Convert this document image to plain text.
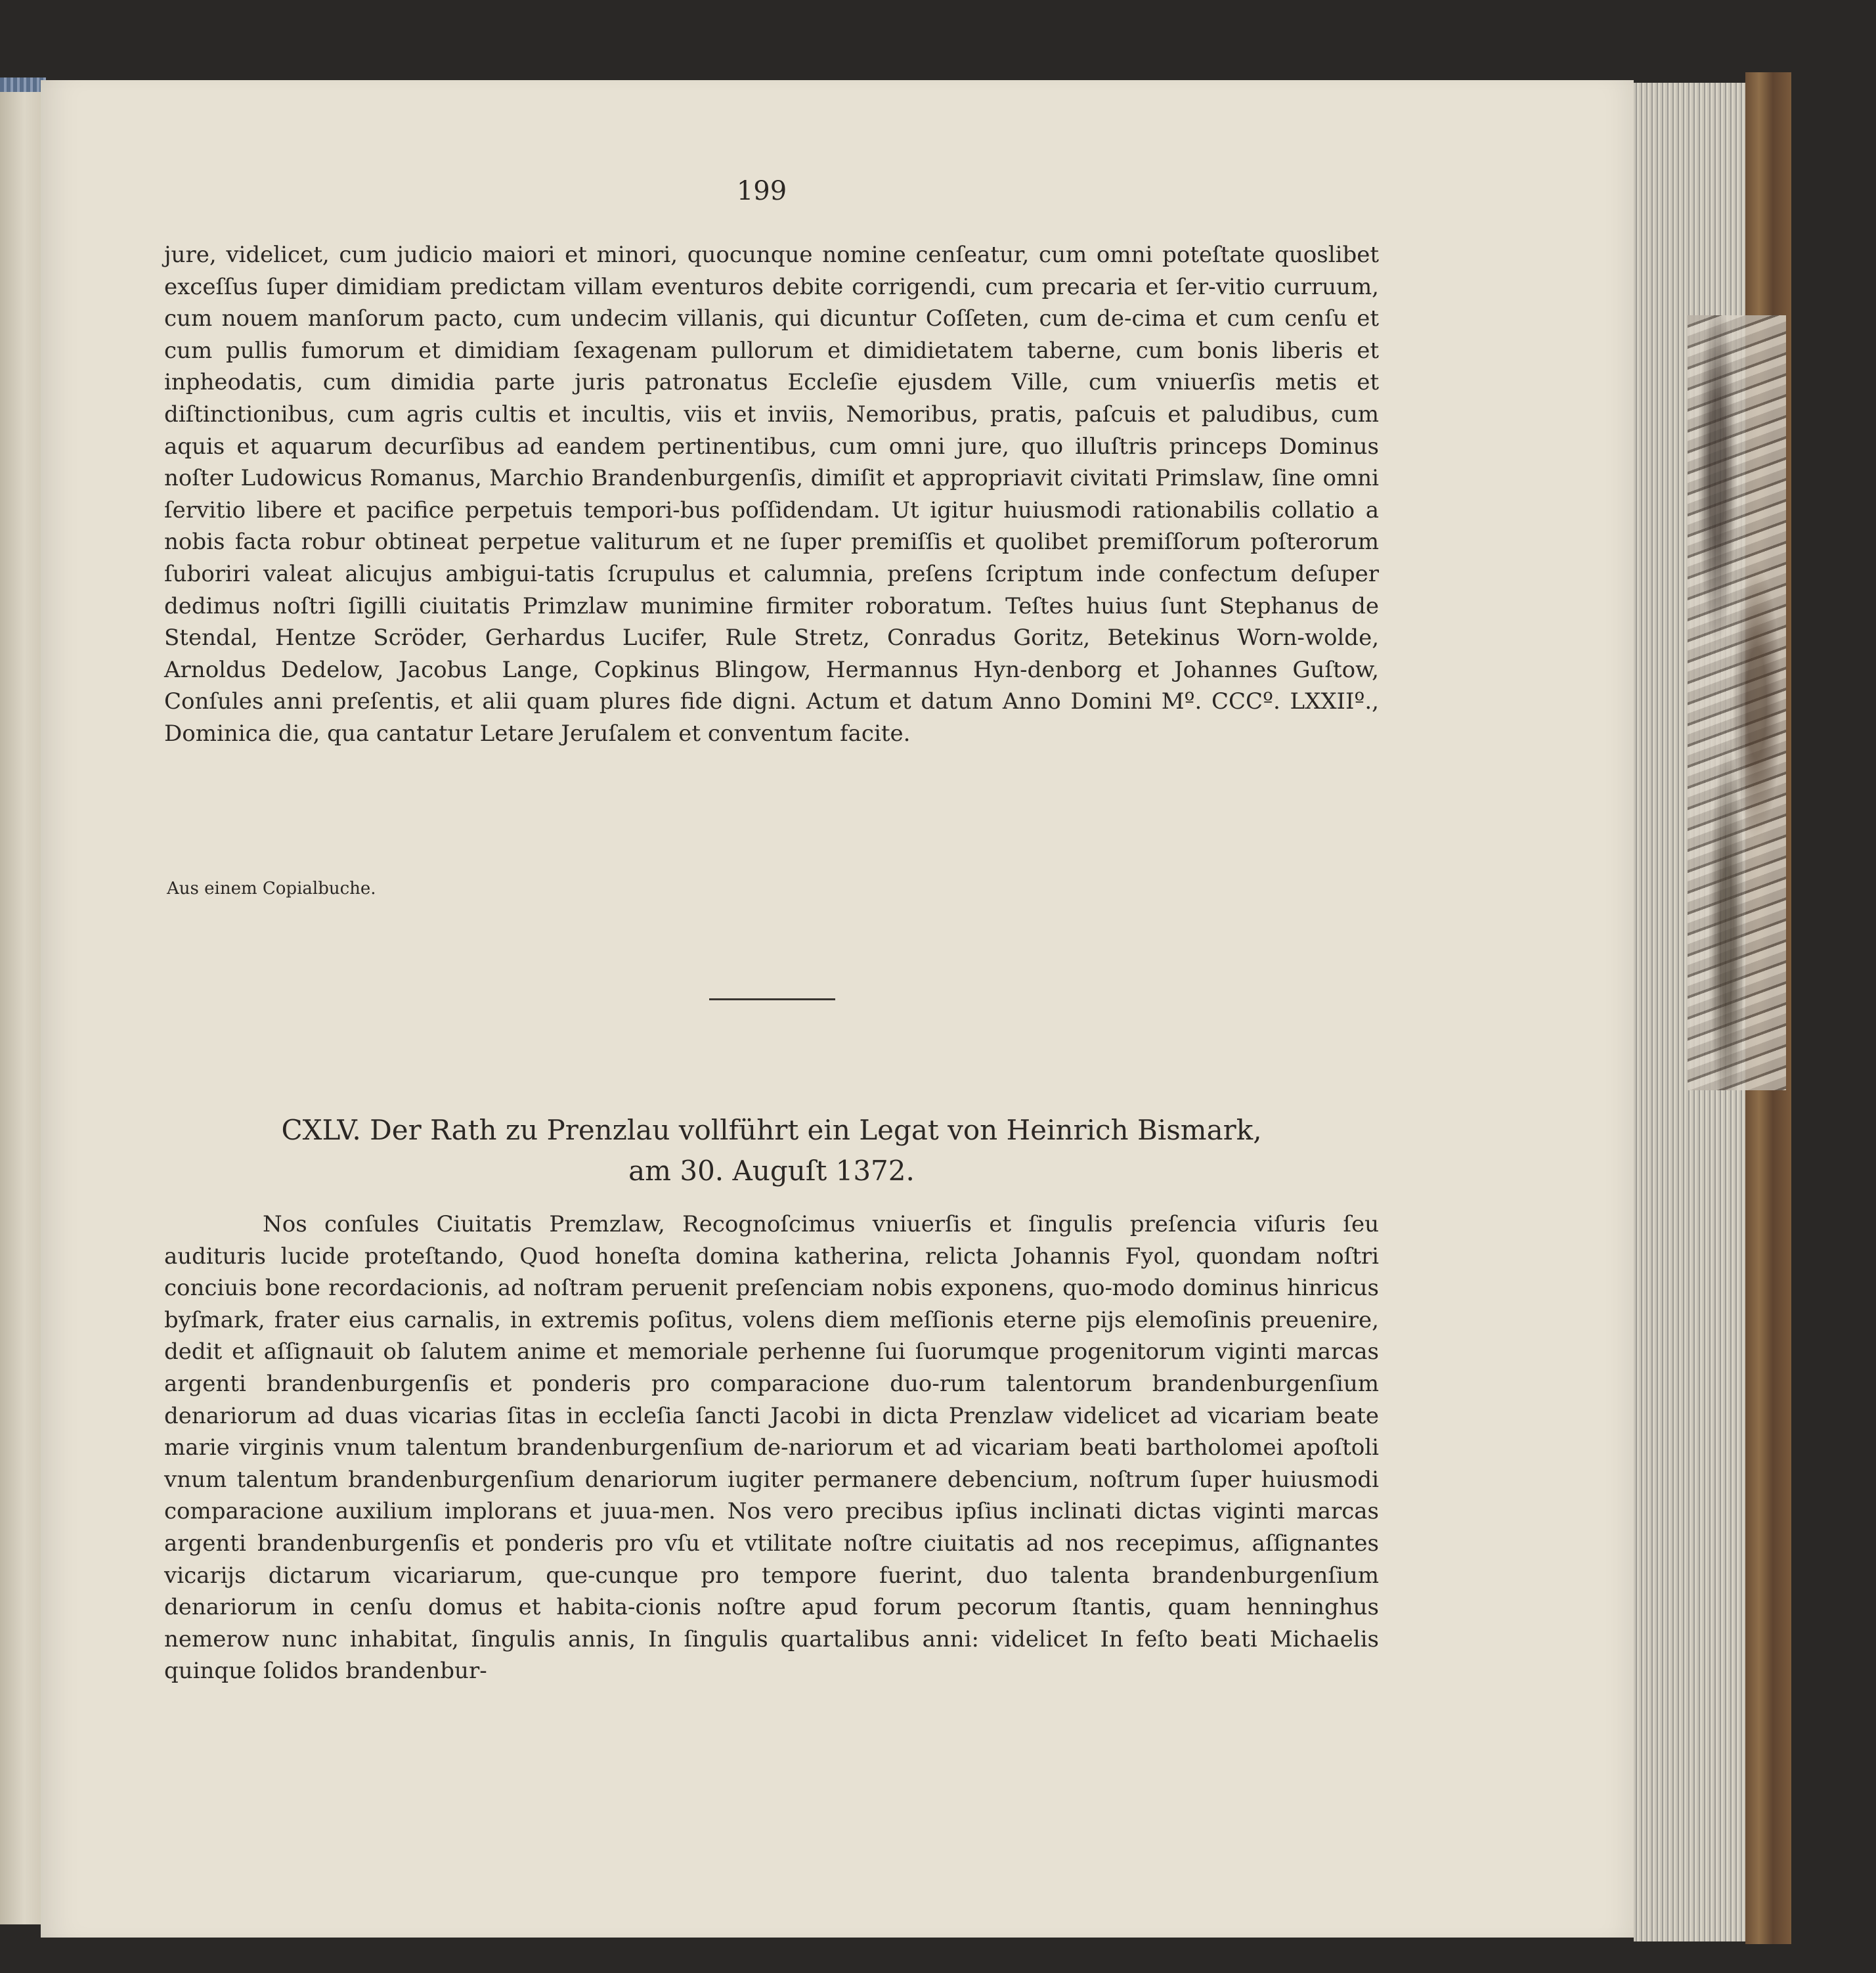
199
jure, videlicet, cum judicio maiori et minori, quocunque nomine cenſeatur, cum omni poteſtate quoslibet exceſſus ſuper dimidiam predictam villam eventuros debite corrigendi, cum precaria et ſer-vitio curruum, cum nouem manſorum pacto, cum undecim villanis, qui dicuntur Coſſeten, cum de-cima et cum cenſu et cum pullis fumorum et dimidiam ſexagenam pullorum et dimidietatem taberne, cum bonis liberis et inpheodatis, cum dimidia parte juris patronatus Eccleſie ejusdem Ville, cum vniuerſis metis et diſtinctionibus, cum agris cultis et incultis, viis et inviis, Nemoribus, pratis, paſcuis et paludibus, cum aquis et aquarum decurſibus ad eandem pertinentibus, cum omni jure, quo illuſtris princeps Dominus noſter Ludowicus Romanus, Marchio Brandenburgenſis, dimiſit et appropriavit civitati Primslaw, ſine omni ſervitio libere et pacifice perpetuis tempori-bus poſſidendam. Ut igitur huiusmodi rationabilis collatio a nobis facta robur obtineat perpetue valiturum et ne ſuper premiſſis et quolibet premiſſorum poſterorum ſuboriri valeat alicujus ambigui-tatis ſcrupulus et calumnia, preſens ſcriptum inde confectum deſuper dedimus noſtri ſigilli ciuitatis Primzlaw munimine firmiter roboratum. Teſtes huius ſunt Stephanus de Stendal, Hentze Scröder, Gerhardus Lucifer, Rule Stretz, Conradus Goritz, Betekinus Worn-wolde, Arnoldus Dedelow, Jacobus Lange, Copkinus Blingow, Hermannus Hyn-denborg et Johannes Guſtow, Conſules anni preſentis, et alii quam plures fide digni. Actum et datum Anno Domini Mº. CCCº. LXXIIº., Dominica die, qua cantatur Letare Jeruſalem et conventum facite.
Aus einem Copialbuche.
CXLV. Der Rath zu Prenzlau vollführt ein Legat von Heinrich Bismark,
am 30. Auguſt 1372.
Nos conſules Ciuitatis Premzlaw, Recognoſcimus vniuerſis et ſingulis preſencia viſuris ſeu audituris lucide proteſtando, Quod honeſta domina katherina, relicta Johannis Fyol, quondam noſtri conciuis bone recordacionis, ad noſtram peruenit preſenciam nobis exponens, quo-modo dominus hinricus byſmark, frater eius carnalis, in extremis poſitus, volens diem meſſionis eterne pijs elemoſinis preuenire, dedit et aſſignauit ob ſalutem anime et memoriale perhenne ſui ſuorumque progenitorum viginti marcas argenti brandenburgenſis et ponderis pro comparacione duo-rum talentorum brandenburgenſium denariorum ad duas vicarias ſitas in eccleſia ſancti Jacobi in dicta Prenzlaw videlicet ad vicariam beate marie virginis vnum talentum brandenburgenſium de-nariorum et ad vicariam beati bartholomei apoſtoli vnum talentum brandenburgenſium denariorum iugiter permanere debencium, noſtrum ſuper huiusmodi comparacione auxilium implorans et juua-men. Nos vero precibus ipſius inclinati dictas viginti marcas argenti brandenburgenſis et ponderis pro vſu et vtilitate noſtre ciuitatis ad nos recepimus, aſſignantes vicarijs dictarum vicariarum, que-cunque pro tempore fuerint, duo talenta brandenburgenſium denariorum in cenſu domus et habita-cionis noſtre apud forum pecorum ſtantis, quam henninghus nemerow nunc inhabitat, ſingulis annis, In ſingulis quartalibus anni: videlicet In feſto beati Michaelis quinque ſolidos brandenbur-
